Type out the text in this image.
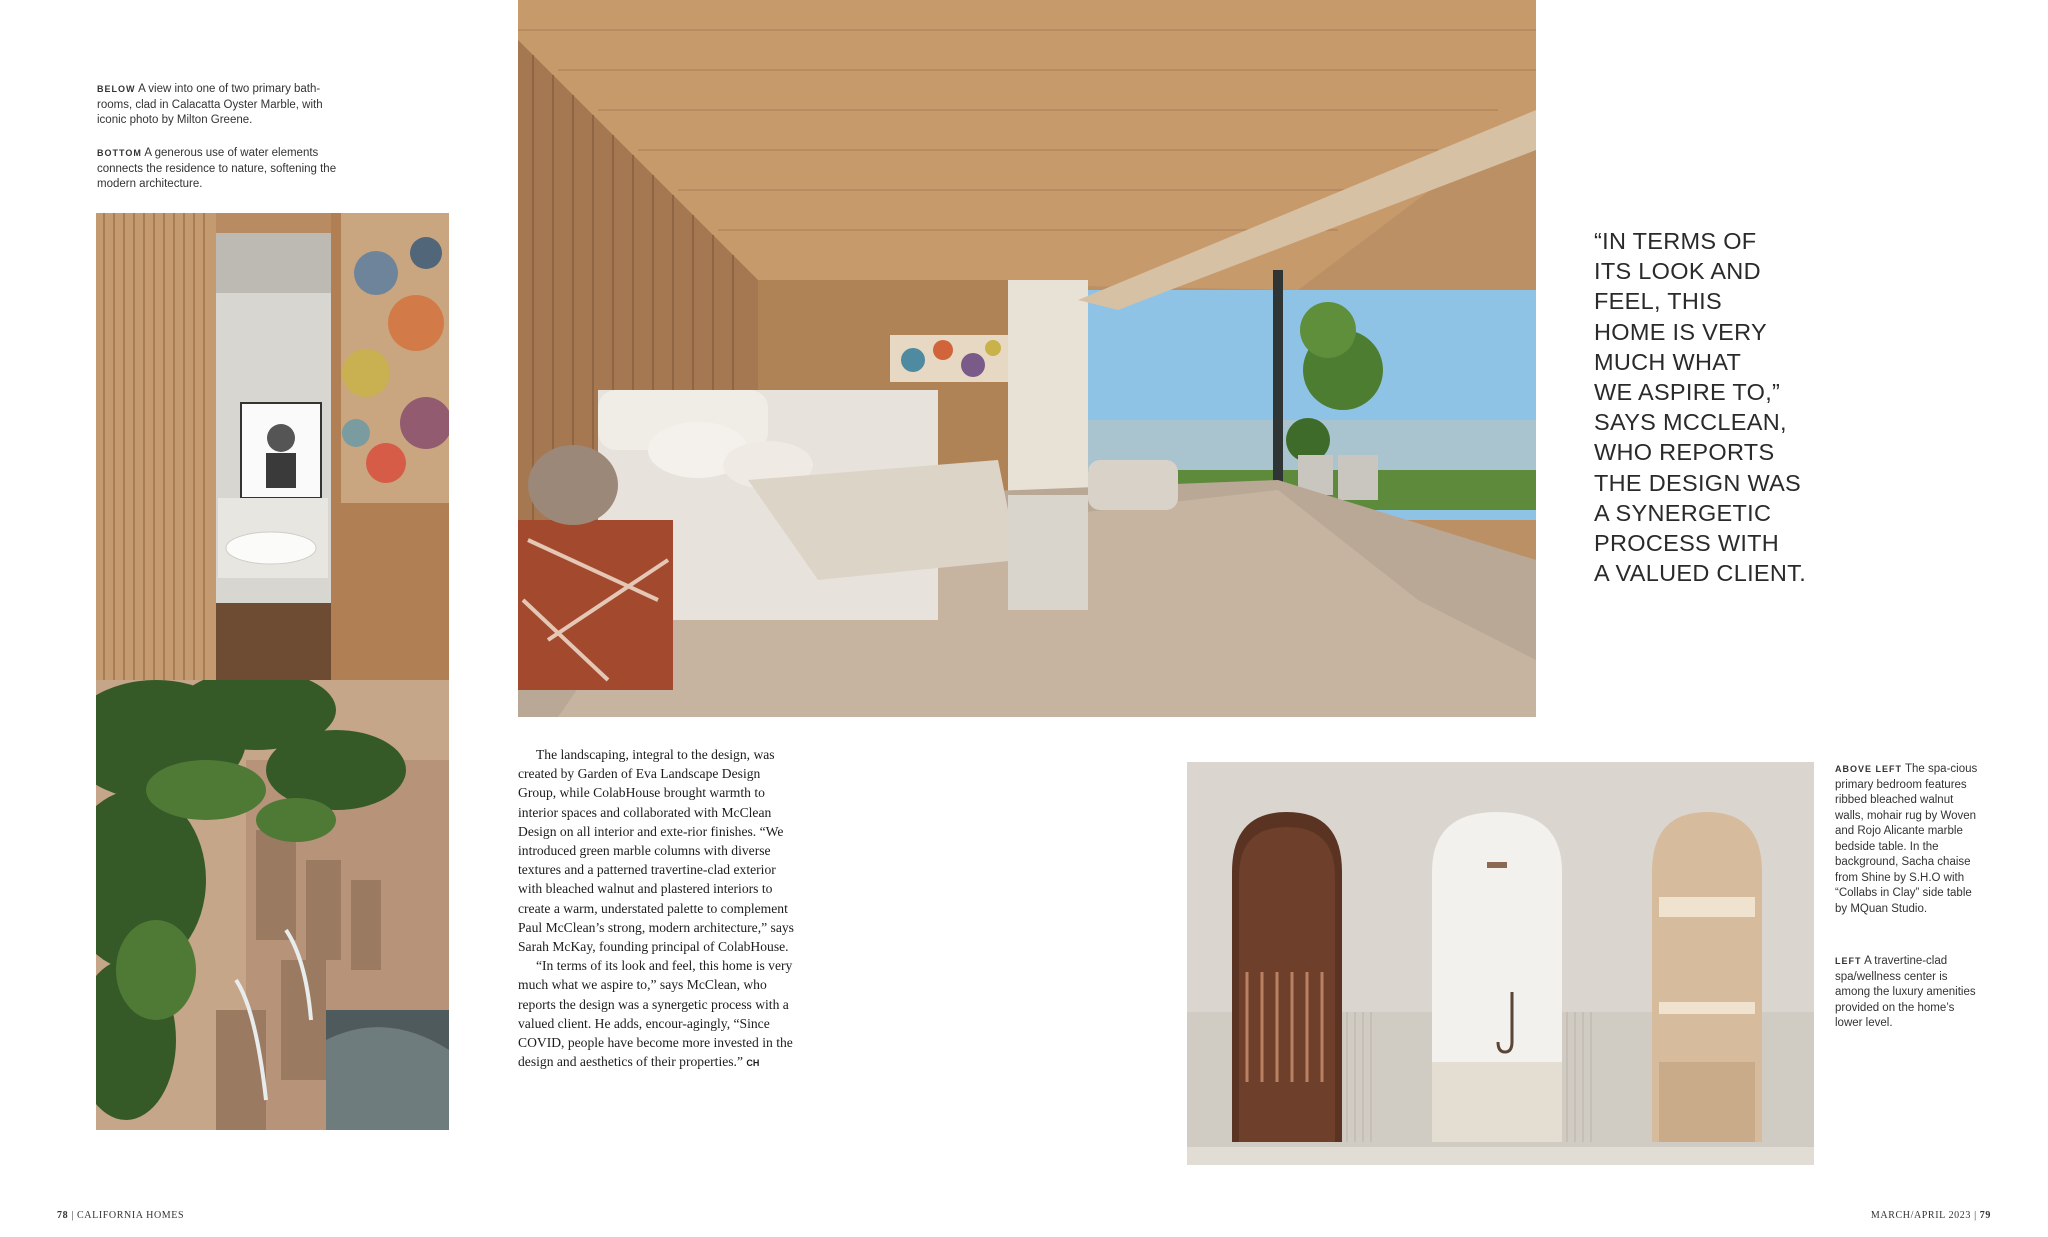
BELOW A view into one of two primary bath-rooms, clad in Calacatta Oyster Marble, with iconic photo by Milton Greene.
BOTTOM A generous use of water elements connects the residence to nature, softening the modern architecture.
“IN TERMS OF
ITS LOOK AND
FEEL, THIS
HOME IS VERY
MUCH WHAT
WE ASPIRE TO,”
SAYS MCCLEAN,
WHO REPORTS
THE DESIGN WAS
A SYNERGETIC
PROCESS WITH
A VALUED CLIENT.

The landscaping, integral to the design, was created by Garden of Eva Landscape Design Group, while ColabHouse brought warmth to interior spaces and collaborated with McClean Design on all interior and exte-rior finishes. “We introduced green marble columns with diverse textures and a patterned travertine-clad exterior with bleached walnut and plastered interiors to create a warm, understated palette to complement Paul McClean’s strong, modern architecture,” says Sarah McKay, founding principal of ColabHouse.

“In terms of its look and feel, this home is very much what we aspire to,” says McClean, who reports the design was a synergetic process with a valued client. He adds, encour-agingly, “Since COVID, people have become more invested in the design and aesthetics of their properties.” CH

ABOVE LEFT The spa-cious primary bedroom features ribbed bleached walnut walls, mohair rug by Woven and Rojo Alicante marble bedside table. In the background, Sacha chaise from Shine by S.H.O with “Collabs in Clay” side table by MQuan Studio.
LEFT A travertine-clad spa/wellness center is among the luxury amenities provided on the home’s lower level.
78 | CALIFORNIA HOMES	MARCH/APRIL 2023 | 79
